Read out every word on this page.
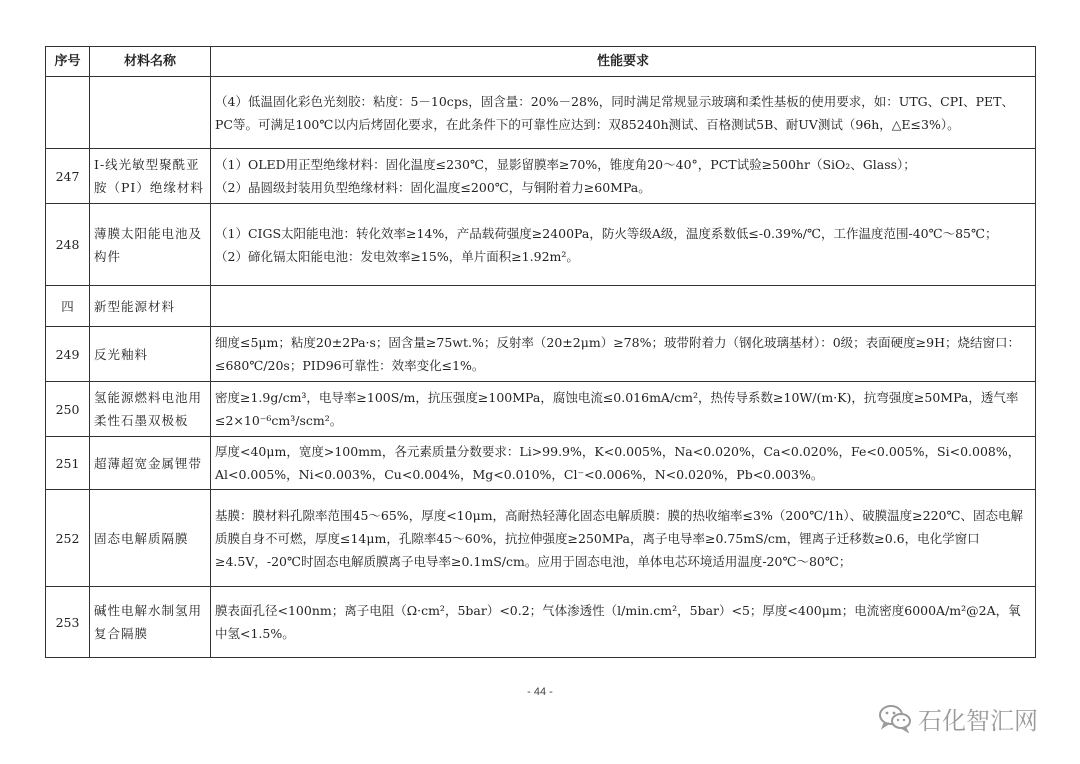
序号	材料名称	性能要求

		（4）低温固化彩色光刻胶：粘度：5－10cps，固含量：20%－28%，同时满足常规显示玻璃和柔性基板的使用要求，如：UTG、CPI、PET、PC等。可满足100℃以内后烤固化要求，在此条件下的可靠性应达到：双85240h测试、百格测试5B、耐UV测试（96h，△E≤3%）。

247	I-线光敏型聚酰亚胺（PI）绝缘材料	（1）OLED用正型绝缘材料：固化温度≤230℃，显影留膜率≥70%，锥度角20～40°，PCT试验≥500hr（SiO₂、Glass）；
（2）晶圆级封装用负型绝缘材料：固化温度≤200℃，与铜附着力≥60MPa。

248	薄膜太阳能电池及构件	（1）CIGS太阳能电池：转化效率≥14%，产品载荷强度≥2400Pa，防火等级A级，温度系数低≤-0.39%/℃，工作温度范围-40℃～85℃；
（2）碲化镉太阳能电池：发电效率≥15%，单片面积≥1.92m²。

四	新型能源材料	

249	反光釉料	细度≤5μm；粘度20±2Pa·s；固含量≥75wt.%；反射率（20±2μm）≥78%；玻带附着力（钢化玻璃基材）：0级；表面硬度≥9H；烧结窗口：≤680℃/20s；PID96可靠性：效率变化≤1%。

250	氢能源燃料电池用柔性石墨双极板	密度≥1.9g/cm³，电导率≥100S/m，抗压强度≥100MPa，腐蚀电流≤0.016mA/cm²，热传导系数≥10W/(m·K)，抗弯强度≥50MPa，透气率≤2×10⁻⁶cm³/scm²。

251	超薄超宽金属锂带	厚度<40μm，宽度>100mm，各元素质量分数要求：Li>99.9%，K<0.005%，Na<0.020%，Ca<0.020%，Fe<0.005%，Si<0.008%，Al<0.005%，Ni<0.003%，Cu<0.004%，Mg<0.010%，Cl⁻<0.006%，N<0.020%，Pb<0.003%。

252	固态电解质隔膜	基膜：膜材料孔隙率范围45～65%，厚度<10μm，高耐热轻薄化固态电解质膜：膜的热收缩率≤3%（200℃/1h）、破膜温度≥220℃、固态电解质膜自身不可燃，厚度≤14μm，孔隙率45～60%，抗拉伸强度≥250MPa，离子电导率≥0.75mS/cm，锂离子迁移数≥0.6，电化学窗口≥4.5V，-20℃时固态电解质膜离子电导率≥0.1mS/cm。应用于固态电池，单体电芯环境适用温度-20℃～80℃；

253	碱性电解水制氢用复合隔膜	膜表面孔径<100nm；离子电阻（Ω·cm²，5bar）<0.2；气体渗透性（l/min.cm²，5bar）<5；厚度<400μm；电流密度6000A/m²@2A，氧中氢<1.5%。
- 44 -
石化智汇网
